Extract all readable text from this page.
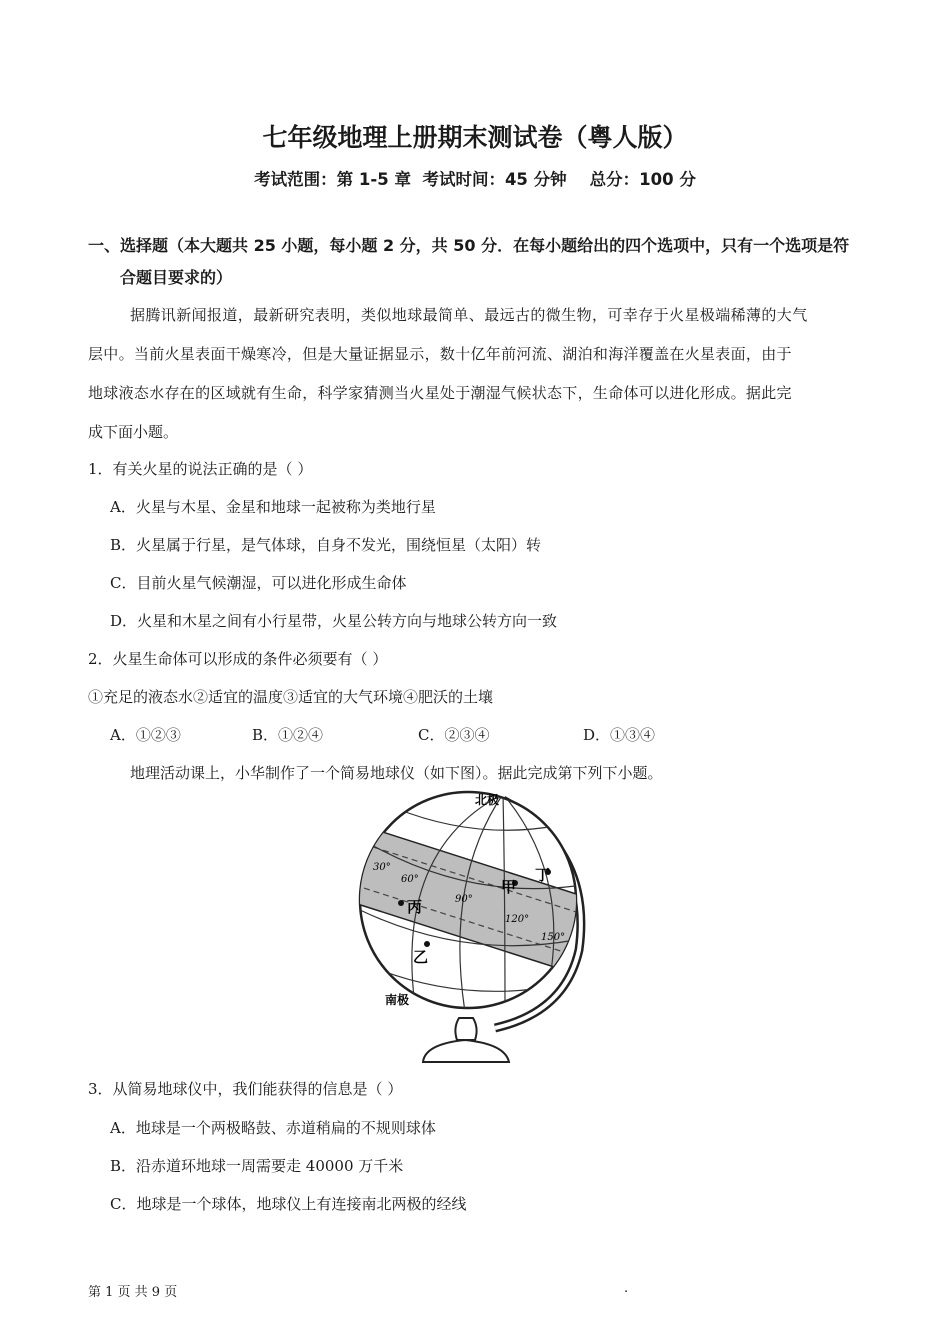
七年级地理上册期末测试卷（粤人版）
考试范围：第 1-5 章  考试时间：45 分钟    总分：100 分
一、选择题（本大题共 25 小题，每小题 2 分，共 50 分．在每小题给出的四个选项中，只有一个选项是符
合题目要求的）
据腾讯新闻报道，最新研究表明，类似地球最简单、最远古的微生物，可幸存于火星极端稀薄的大气
层中。当前火星表面干燥寒冷，但是大量证据显示，数十亿年前河流、湖泊和海洋覆盖在火星表面，由于
地球液态水存在的区域就有生命，科学家猜测当火星处于潮湿气候状态下，生命体可以进化形成。据此完
成下面小题。
1．有关火星的说法正确的是（ ）
A．火星与木星、金星和地球一起被称为类地行星
B．火星属于行星，是气体球，自身不发光，围绕恒星（太阳）转
C．目前火星气候潮湿，可以进化形成生命体
D．火星和木星之间有小行星带，火星公转方向与地球公转方向一致
2．火星生命体可以形成的条件必须要有（ ）
①充足的液态水②适宜的温度③适宜的大气环境④肥沃的土壤
A．①②③	B．①②④	C．②③④	D．①③④
地理活动课上，小华制作了一个简易地球仪（如下图）。据此完成第下列下小题。
北极
南极
30°
60°
90°
120°
150°
甲
乙
丙
丁
3．从简易地球仪中，我们能获得的信息是（ ）
A．地球是一个两极略鼓、赤道稍扁的不规则球体
B．沿赤道环地球一周需要走 40000 万千米
C．地球是一个球体，地球仪上有连接南北两极的经线
第 1 页 共 9 页	.
